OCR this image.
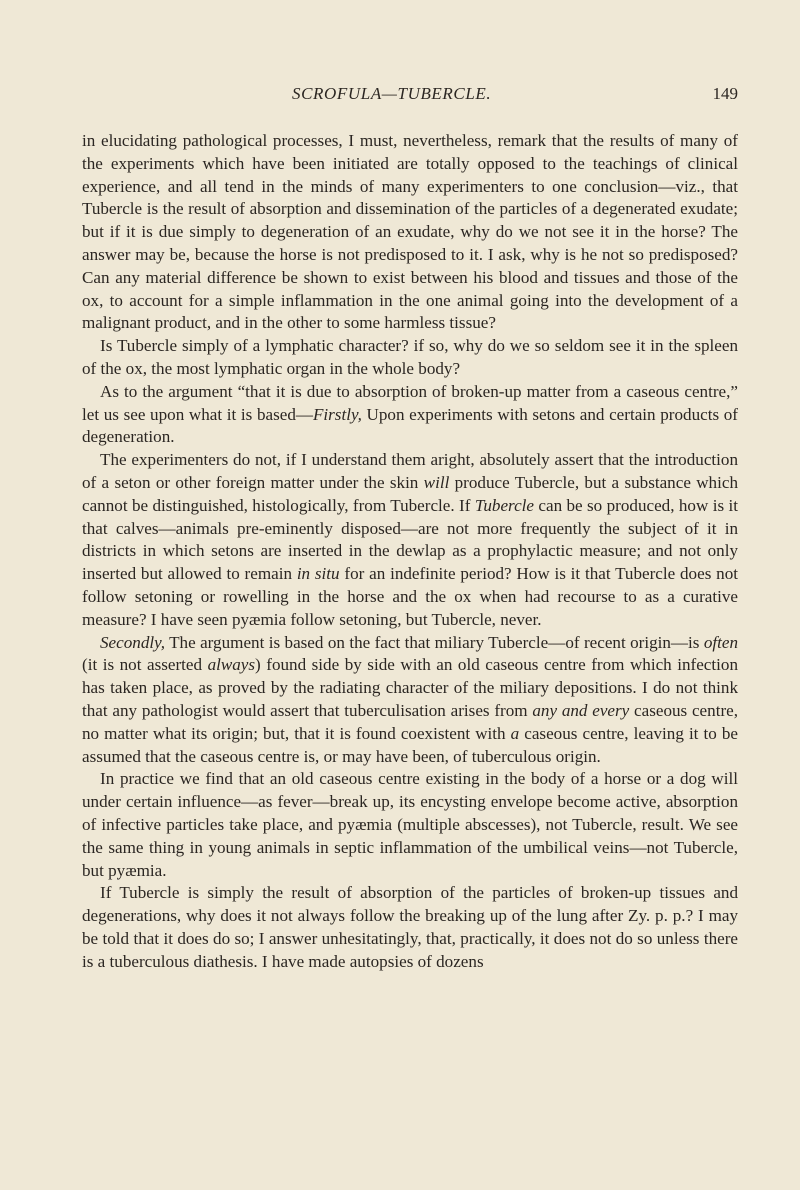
SCROFULA—TUBERCLE.	149

in elucidating pathological processes, I must, nevertheless, remark that the results of many of the experiments which have been initiated are totally opposed to the teachings of clinical experience, and all tend in the minds of many experimenters to one conclusion—viz., that Tubercle is the result of absorption and dissemination of the particles of a degenerated exudate; but if it is due simply to degeneration of an exudate, why do we not see it in the horse? The answer may be, because the horse is not predisposed to it. I ask, why is he not so predisposed? Can any material difference be shown to exist between his blood and tissues and those of the ox, to account for a simple inflammation in the one animal going into the development of a malignant product, and in the other to some harmless tissue?

Is Tubercle simply of a lymphatic character? if so, why do we so seldom see it in the spleen of the ox, the most lymphatic organ in the whole body?

As to the argument “that it is due to absorption of broken-up matter from a caseous centre,” let us see upon what it is based—Firstly, Upon experiments with setons and certain products of degeneration.

The experimenters do not, if I understand them aright, absolutely assert that the introduction of a seton or other foreign matter under the skin will produce Tubercle, but a substance which cannot be distinguished, histologically, from Tubercle. If Tubercle can be so produced, how is it that calves—animals pre-eminently disposed—are not more frequently the subject of it in districts in which setons are inserted in the dewlap as a prophylactic measure; and not only inserted but allowed to remain in situ for an indefinite period? How is it that Tubercle does not follow setoning or rowelling in the horse and the ox when had recourse to as a curative measure? I have seen pyæmia follow setoning, but Tubercle, never.

Secondly, The argument is based on the fact that miliary Tubercle—of recent origin—is often (it is not asserted always) found side by side with an old caseous centre from which infection has taken place, as proved by the radiating character of the miliary depositions. I do not think that any pathologist would assert that tuberculisation arises from any and every caseous centre, no matter what its origin; but, that it is found coexistent with a caseous centre, leaving it to be assumed that the caseous centre is, or may have been, of tuberculous origin.

In practice we find that an old caseous centre existing in the body of a horse or a dog will under certain influence—as fever—break up, its encysting envelope become active, absorption of infective particles take place, and pyæmia (multiple abscesses), not Tubercle, result. We see the same thing in young animals in septic inflammation of the umbilical veins—not Tubercle, but pyæmia.

If Tubercle is simply the result of absorption of the particles of broken-up tissues and degenerations, why does it not always follow the breaking up of the lung after Zy. p. p.? I may be told that it does do so; I answer unhesitatingly, that, practically, it does not do so unless there is a tuberculous diathesis. I have made autopsies of dozens
